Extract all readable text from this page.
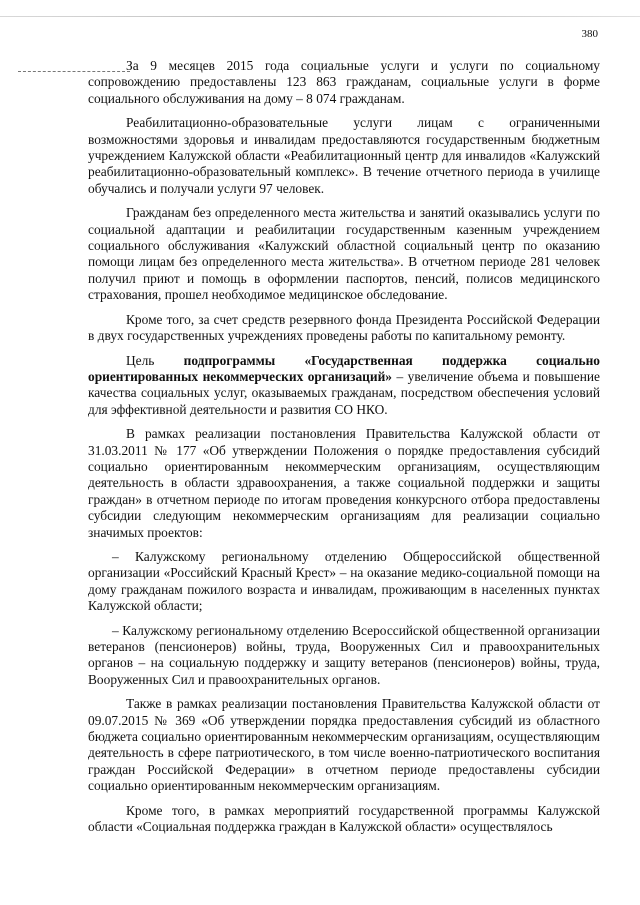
380

За 9 месяцев 2015 года социальные услуги и услуги по социальному сопровождению предоставлены 123 863 гражданам, социальные услуги в форме социального обслуживания на дому – 8 074 гражданам.

Реабилитационно-образовательные услуги лицам с ограниченными возможностями здоровья и инвалидам предоставляются государственным бюджетным учреждением Калужской области «Реабилитационный центр для инвалидов «Калужский реабилитационно-образовательный комплекс». В течение отчетного периода в училище обучались и получали услуги 97 человек.

Гражданам без определенного места жительства и занятий оказывались услуги по социальной адаптации и реабилитации государственным казенным учреждением социального обслуживания «Калужский областной социальный центр по оказанию помощи лицам без определенного места жительства». В отчетном периоде 281 человек получил приют и помощь в оформлении паспортов, пенсий, полисов медицинского страхования, прошел необходимое медицинское обследование.

Кроме того, за счет средств резервного фонда Президента Российской Федерации в двух государственных учреждениях проведены работы по капитальному ремонту.

Цель подпрограммы «Государственная поддержка социально ориентированных некоммерческих организаций» – увеличение объема и повышение качества социальных услуг, оказываемых гражданам, посредством обеспечения условий для эффективной деятельности и развития СО НКО.

В рамках реализации постановления Правительства Калужской области от 31.03.2011 № 177 «Об утверждении Положения о порядке предоставления субсидий социально ориентированным некоммерческим организациям, осуществляющим деятельность в области здравоохранения, а также социальной поддержки и защиты граждан» в отчетном периоде по итогам проведения конкурсного отбора предоставлены субсидии следующим некоммерческим организациям для реализации социально значимых проектов:

– Калужскому региональному отделению Общероссийской общественной организации «Российский Красный Крест» – на оказание медико-социальной помощи на дому гражданам пожилого возраста и инвалидам, проживающим в населенных пунктах Калужской области;

– Калужскому региональному отделению Всероссийской общественной организации ветеранов (пенсионеров) войны, труда, Вооруженных Сил и правоохранительных органов – на социальную поддержку и защиту ветеранов (пенсионеров) войны, труда, Вооруженных Сил и правоохранительных органов.

Также в рамках реализации постановления Правительства Калужской области от 09.07.2015 № 369 «Об утверждении порядка предоставления субсидий из областного бюджета социально ориентированным некоммерческим организациям, осуществляющим деятельность в сфере патриотического, в том числе военно-патриотического воспитания граждан Российской Федерации» в отчетном периоде предоставлены субсидии социально ориентированным некоммерческим организациям.

Кроме того, в рамках мероприятий государственной программы Калужской области «Социальная поддержка граждан в Калужской области» осуществлялось
